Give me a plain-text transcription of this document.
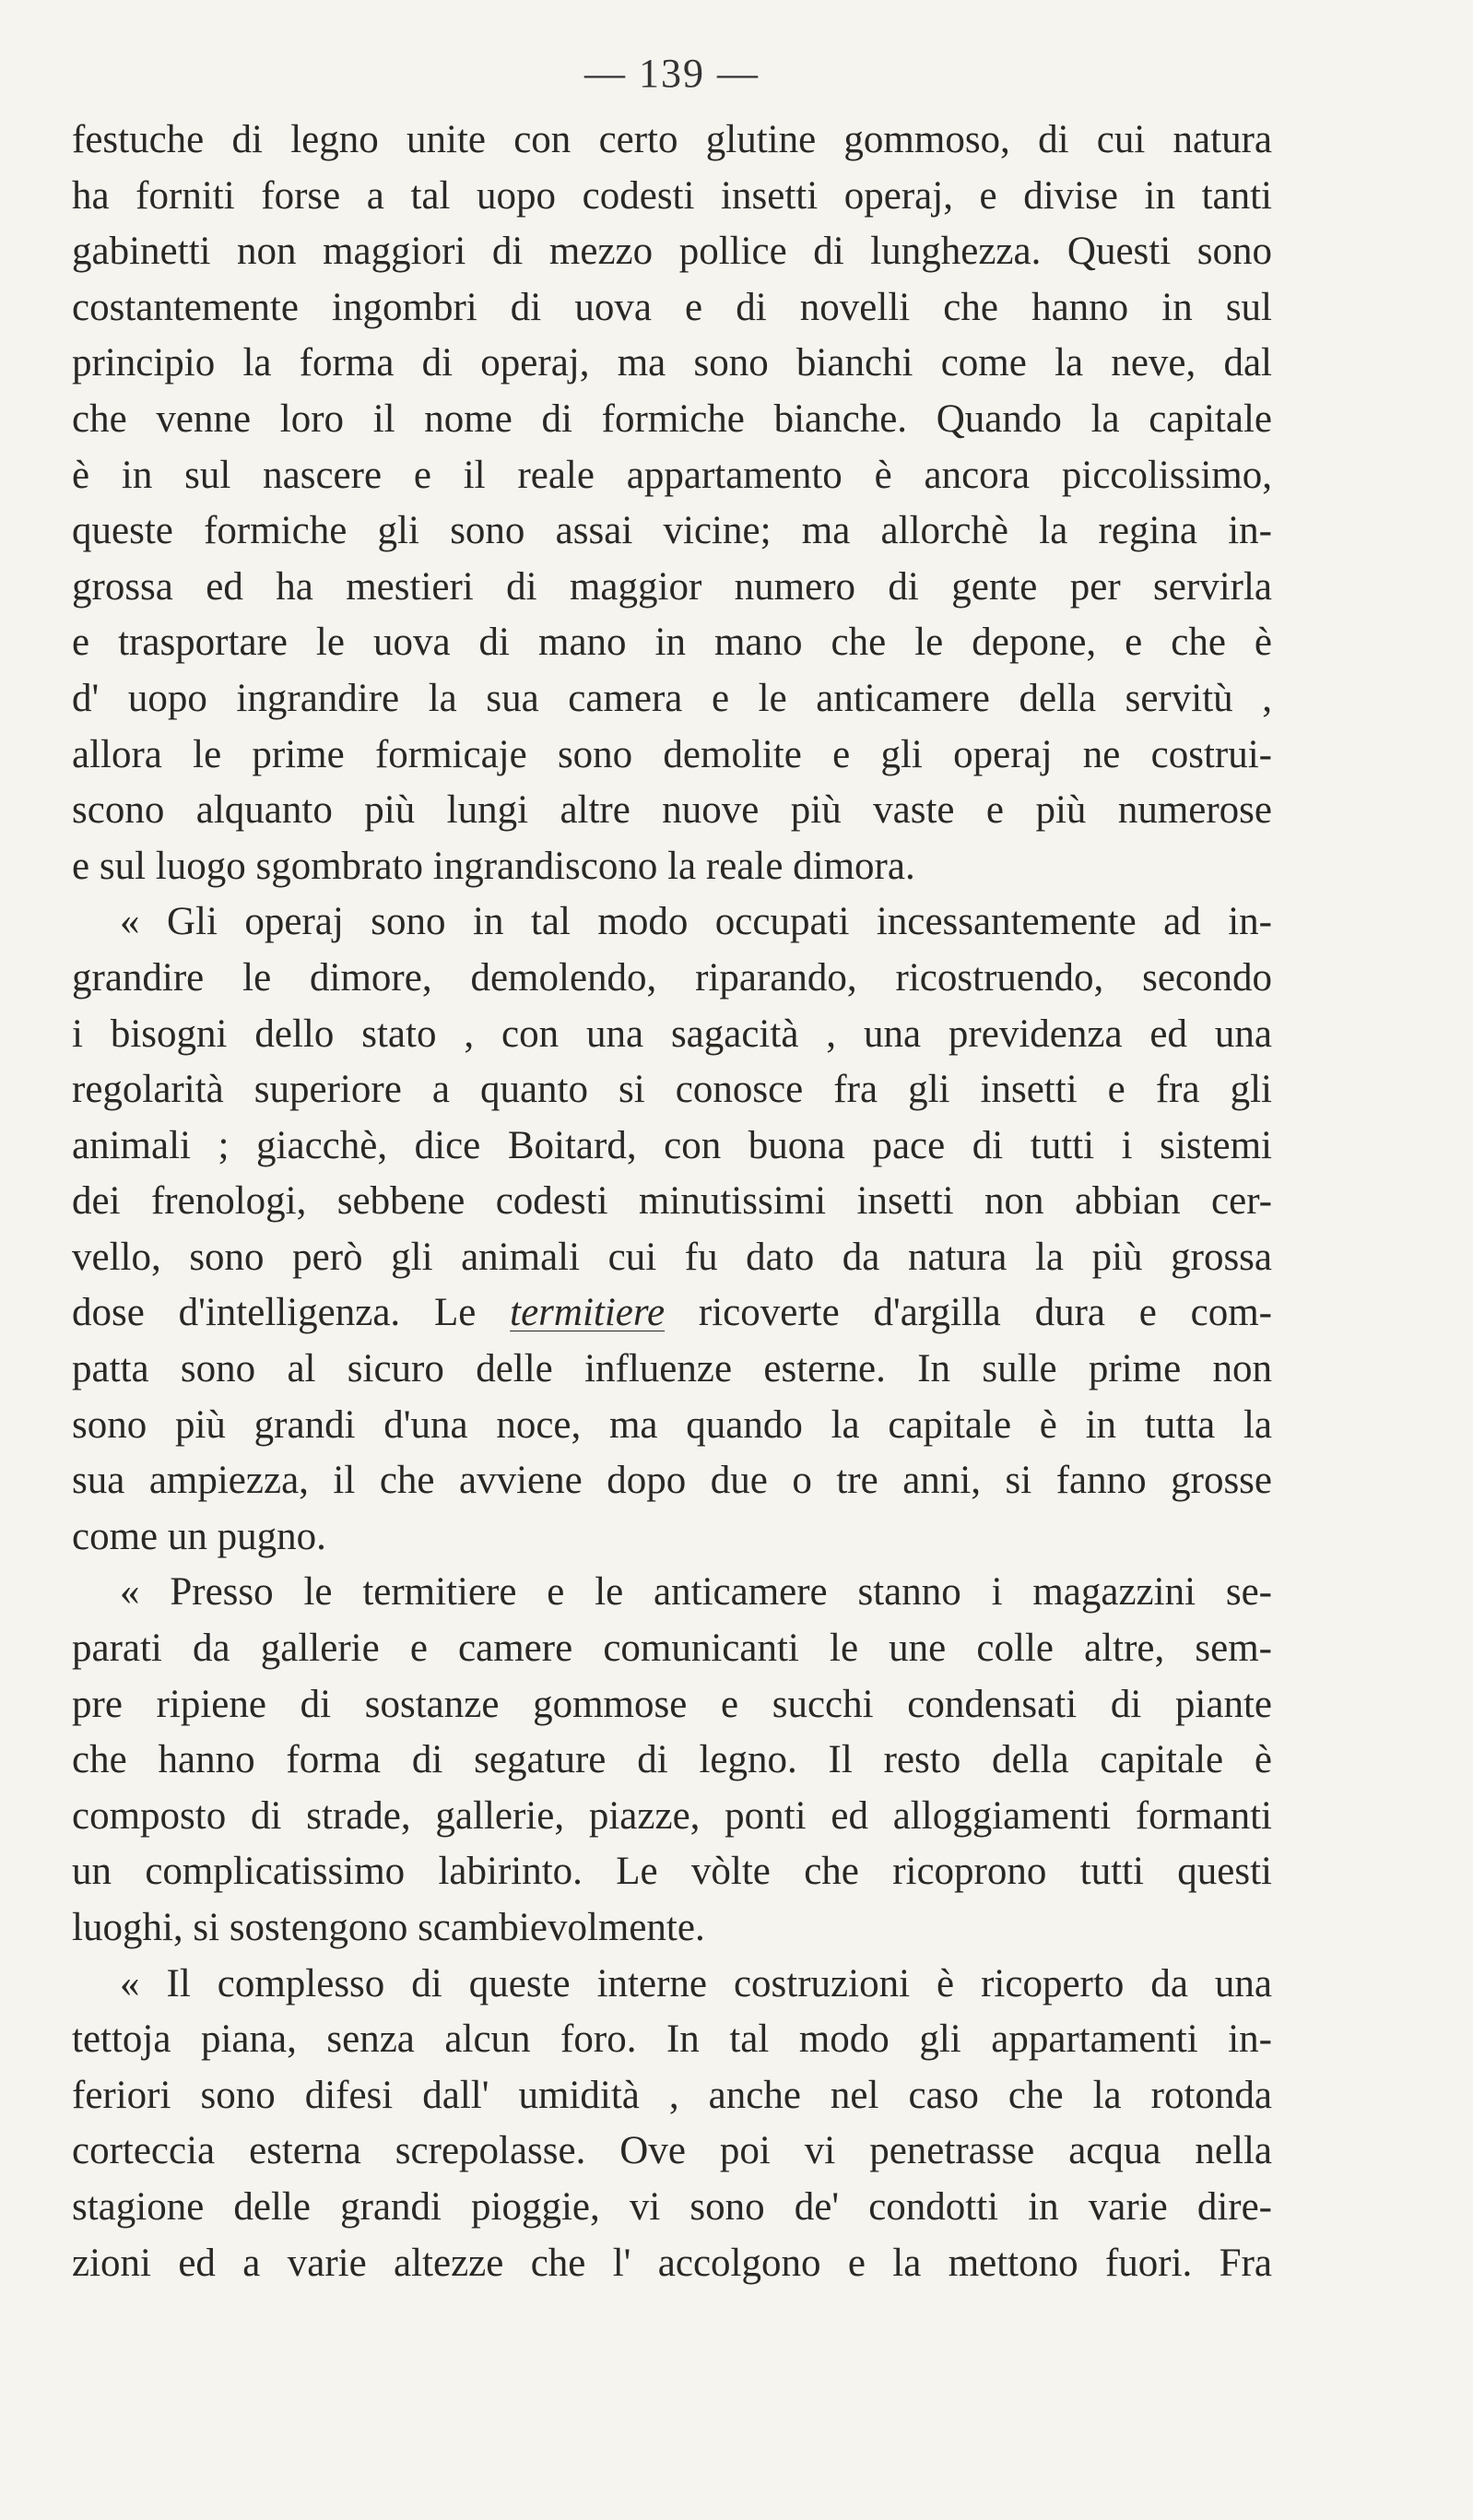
— 139 —
festuche di legno unite con certo glutine gommoso, di cui natura
ha forniti forse a tal uopo codesti insetti operaj, e divise in tanti
gabinetti non maggiori di mezzo pollice di lunghezza. Questi sono
costantemente ingombri di uova e di novelli che hanno in sul
principio la forma di operaj, ma sono bianchi come la neve, dal
che venne loro il nome di formiche bianche. Quando la capitale
è in sul nascere e il reale appartamento è ancora piccolissimo,
queste formiche gli sono assai vicine; ma allorchè la regina in-
grossa ed ha mestieri di maggior numero di gente per servirla
e trasportare le uova di mano in mano che le depone, e che è
d' uopo ingrandire la sua camera e le anticamere della servitù ,
allora le prime formicaje sono demolite e gli operaj ne costrui-
scono alquanto più lungi altre nuove più vaste e più numerose
e sul luogo sgombrato ingrandiscono la reale dimora.
« Gli operaj sono in tal modo occupati incessantemente ad in-
grandire le dimore, demolendo, riparando, ricostruendo, secondo
i bisogni dello stato , con una sagacità , una previdenza ed una
regolarità superiore a quanto si conosce fra gli insetti e fra gli
animali ; giacchè, dice Boitard, con buona pace di tutti i sistemi
dei frenologi, sebbene codesti minutissimi insetti non abbian cer-
vello, sono però gli animali cui fu dato da natura la più grossa
dose d'intelligenza. Le termitiere ricoverte d'argilla dura e com-
patta sono al sicuro delle influenze esterne. In sulle prime non
sono più grandi d'una noce, ma quando la capitale è in tutta la
sua ampiezza, il che avviene dopo due o tre anni, si fanno grosse
come un pugno.
« Presso le termitiere e le anticamere stanno i magazzini se-
parati da gallerie e camere comunicanti le une colle altre, sem-
pre ripiene di sostanze gommose e succhi condensati di piante
che hanno forma di segature di legno. Il resto della capitale è
composto di strade, gallerie, piazze, ponti ed alloggiamenti formanti
un complicatissimo labirinto. Le vòlte che ricoprono tutti questi
luoghi, si sostengono scambievolmente.
« Il complesso di queste interne costruzioni è ricoperto da una
tettoja piana, senza alcun foro. In tal modo gli appartamenti in-
feriori sono difesi dall' umidità , anche nel caso che la rotonda
corteccia esterna screpolasse. Ove poi vi penetrasse acqua nella
stagione delle grandi pioggie, vi sono de' condotti in varie dire-
zioni ed a varie altezze che l' accolgono e la mettono fuori. Fra
